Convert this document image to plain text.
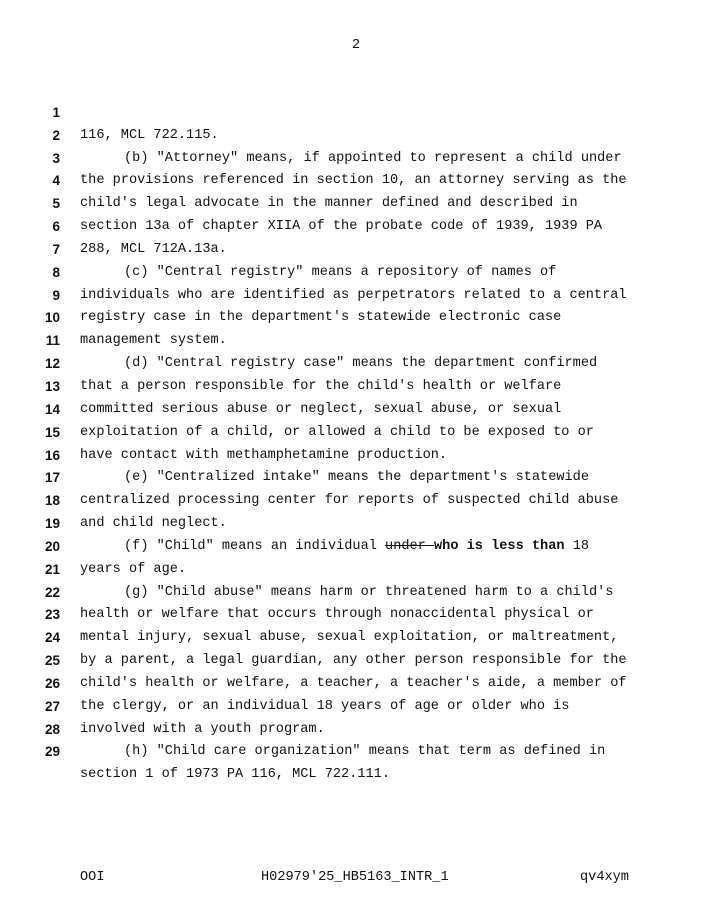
2

1

116, MCL 722.115.

2

(b) "Attorney" means, if appointed to represent a child under

3

the provisions referenced in section 10, an attorney serving as the

4

child's legal advocate in the manner defined and described in

5

section 13a of chapter XIIA of the probate code of 1939, 1939 PA

6

288, MCL 712A.13a.

7

(c) "Central registry" means a repository of names of

8

individuals who are identified as perpetrators related to a central

9

registry case in the department's statewide electronic case

10

management system.

11

(d) "Central registry case" means the department confirmed

12

that a person responsible for the child's health or welfare

13

committed serious abuse or neglect, sexual abuse, or sexual

14

exploitation of a child, or allowed a child to be exposed to or

15

have contact with methamphetamine production.

16

(e) "Centralized intake" means the department's statewide

17

centralized processing center for reports of suspected child abuse

18

and child neglect.

19

(f) "Child" means an individual under who is less than 18

20

years of age.

21

(g) "Child abuse" means harm or threatened harm to a child's

22

health or welfare that occurs through nonaccidental physical or

23

mental injury, sexual abuse, sexual exploitation, or maltreatment,

24

by a parent, a legal guardian, any other person responsible for the

25

child's health or welfare, a teacher, a teacher's aide, a member of

26

the clergy, or an individual 18 years of age or older who is

27

involved with a youth program.

28

(h) "Child care organization" means that term as defined in

29

section 1 of 1973 PA 116, MCL 722.111.

OOI	H02979'25_HB5163_INTR_1	qv4xym
